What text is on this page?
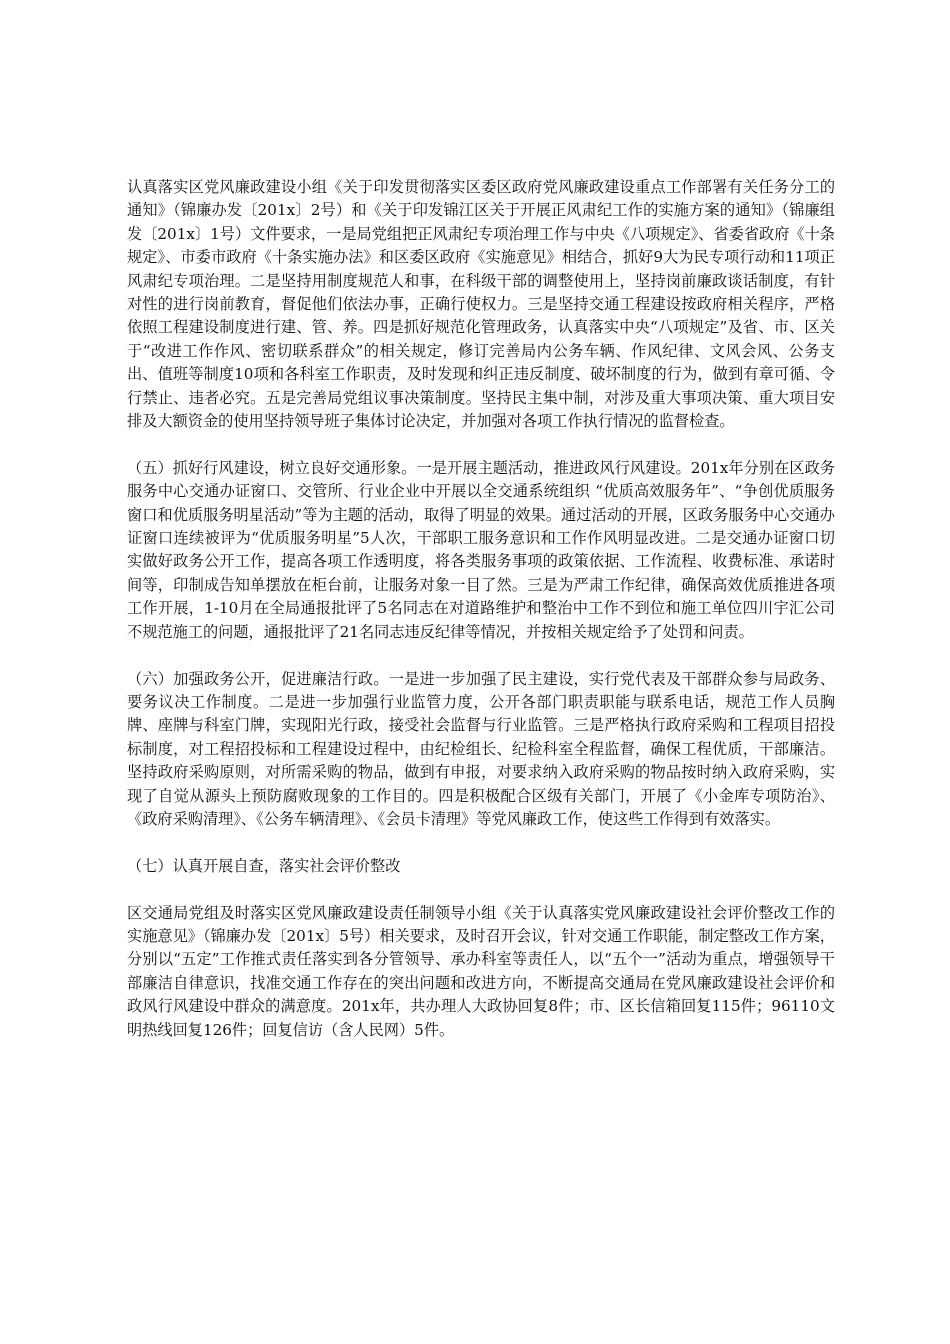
认真落实区党风廉政建设小组《关于印发贯彻落实区委区政府党风廉政建设重点工作部署有关任务分工的通知》（锦廉办发〔201x〕2号）和《关于印发锦江区关于开展正风肃纪工作的实施方案的通知》（锦廉组发〔201x〕1号）文件要求，一是局党组把正风肃纪专项治理工作与中央《八项规定》、省委省政府《十条规定》、市委市政府《十条实施办法》和区委区政府《实施意见》相结合，抓好9大为民专项行动和11项正风肃纪专项治理。二是坚持用制度规范人和事，在科级干部的调整使用上，坚持岗前廉政谈话制度，有针对性的进行岗前教育，督促他们依法办事，正确行使权力。三是坚持交通工程建设按政府相关程序，严格依照工程建设制度进行建、管、养。四是抓好规范化管理政务，认真落实中央“八项规定”及省、市、区关于“改进工作作风、密切联系群众”的相关规定，修订完善局内公务车辆、作风纪律、文风会风、公务支出、值班等制度10项和各科室工作职责，及时发现和纠正违反制度、破坏制度的行为，做到有章可循、令行禁止、违者必究。五是完善局党组议事决策制度。坚持民主集中制，对涉及重大事项决策、重大项目安排及大额资金的使用坚持领导班子集体讨论决定，并加强对各项工作执行情况的监督检查。

（五）抓好行风建设，树立良好交通形象。一是开展主题活动，推进政风行风建设。201x年分别在区政务服务中心交通办证窗口、交管所、行业企业中开展以全交通系统组织 “优质高效服务年”、“争创优质服务窗口和优质服务明星活动”等为主题的活动，取得了明显的效果。通过活动的开展，区政务服务中心交通办证窗口连续被评为“优质服务明星”5人次，干部职工服务意识和工作作风明显改进。二是交通办证窗口切实做好政务公开工作，提高各项工作透明度，将各类服务事项的政策依据、工作流程、收费标准、承诺时间等，印制成告知单摆放在柜台前，让服务对象一目了然。三是为严肃工作纪律，确保高效优质推进各项工作开展，1-10月在全局通报批评了5名同志在对道路维护和整治中工作不到位和施工单位四川宇汇公司不规范施工的问题，通报批评了21名同志违反纪律等情况，并按相关规定给予了处罚和问责。

（六）加强政务公开，促进廉洁行政。一是进一步加强了民主建设，实行党代表及干部群众参与局政务、要务议决工作制度。二是进一步加强行业监管力度，公开各部门职责职能与联系电话，规范工作人员胸牌、座牌与科室门牌，实现阳光行政，接受社会监督与行业监管。三是严格执行政府采购和工程项目招投标制度，对工程招投标和工程建设过程中，由纪检组长、纪检科室全程监督，确保工程优质，干部廉洁。坚持政府采购原则，对所需采购的物品，做到有申报，对要求纳入政府采购的物品按时纳入政府采购，实现了自觉从源头上预防腐败现象的工作目的。四是积极配合区级有关部门，开展了《小金库专项防治》、《政府采购清理》、《公务车辆清理》、《会员卡清理》等党风廉政工作，使这些工作得到有效落实。

（七）认真开展自查，落实社会评价整改

区交通局党组及时落实区党风廉政建设责任制领导小组《关于认真落实党风廉政建设社会评价整改工作的实施意见》（锦廉办发〔201x〕5号）相关要求，及时召开会议，针对交通工作职能，制定整改工作方案，分别以“五定”工作推式责任落实到各分管领导、承办科室等责任人，以“五个一”活动为重点，增强领导干部廉洁自律意识，找准交通工作存在的突出问题和改进方向，不断提高交通局在党风廉政建设社会评价和政风行风建设中群众的满意度。201x年，共办理人大政协回复8件；市、区长信箱回复115件；96110文明热线回复126件；回复信访（含人民网）5件。
